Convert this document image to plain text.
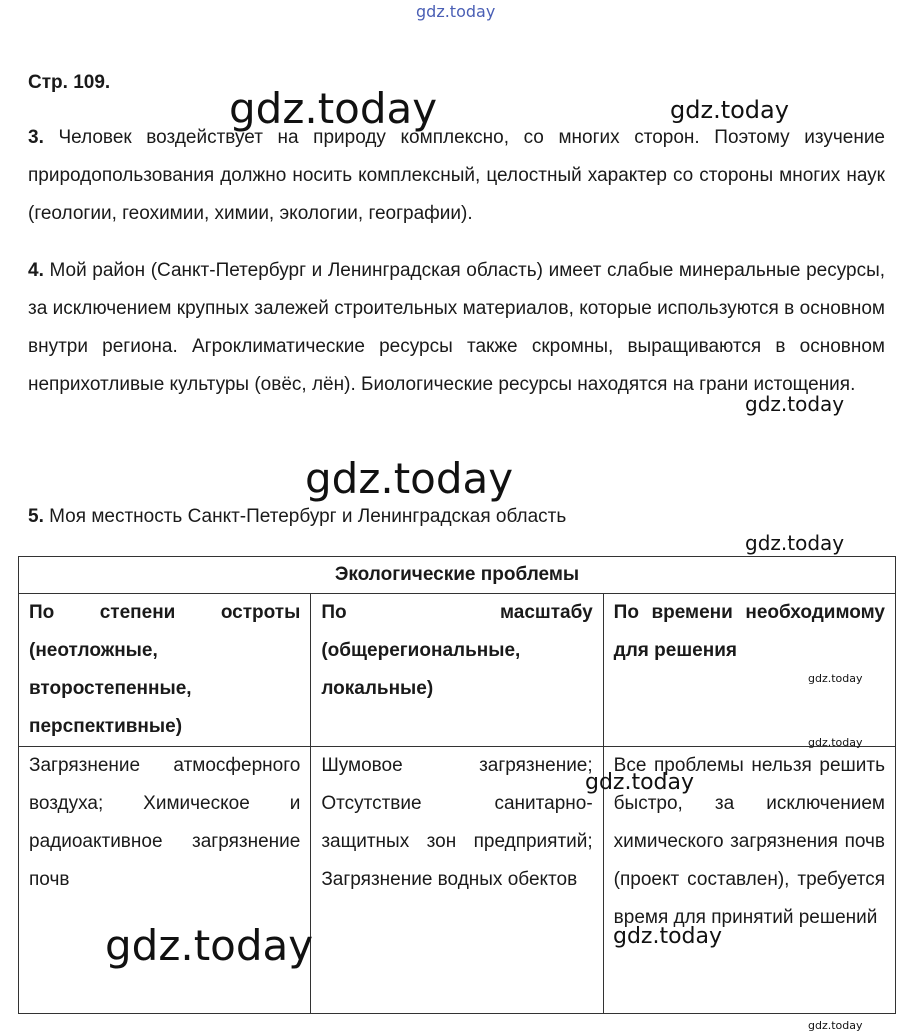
gdz.today

Стр. 109.

3. Человек воздействует на природу комплексно, со многих сторон. Поэтому изучение природопользования должно носить комплексный, целостный характер со стороны многих наук (геологии, геохимии, химии, экологии, географии).

4. Мой район (Санкт-Петербург и Ленинградская область) имеет слабые минеральные ресурсы, за исключением крупных залежей строительных материалов, которые используются в основном внутри региона. Агроклиматические ресурсы также скромны, выращиваются в основном неприхотливые культуры (овёс, лён). Биологические ресурсы находятся на грани истощения.

5. Моя местность Санкт-Петербург и Ленинградская область

Экологические проблемы		
По степени остроты (неотложные, второстепенные, перспективные)	По масштабу (общерегиональные, локальные)	По времени необходимому для решения
Загрязнение атмосферного воздуха; Химическое и радиоактивное загрязнение почв	Шумовое загрязнение; Отсутствие санитарно-защитных зон предприятий; Загрязнение водных обектов	Все проблемы нельзя решить быстро, за исключением химического загрязнения почв (проект составлен), требуется время для принятий решений
gdz.today	gdz.today
gdz.today
gdz.today
gdz.today
gdz.today
gdz.today
gdz.today
gdz.today
gdz.today
gdz.today
